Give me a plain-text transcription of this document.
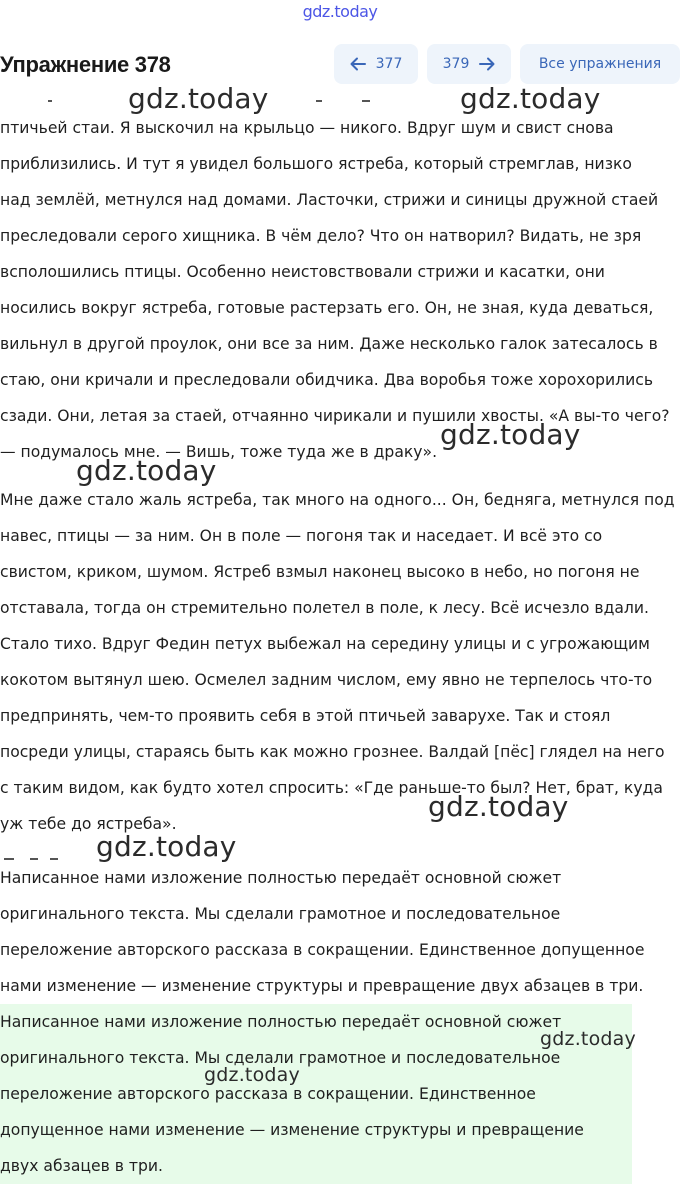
gdz.today
Упражнение 378	377	379	Все упражнения
птичьей стаи. Я выскочил на крыльцо — никого. Вдруг шум и свист снова
приблизились. И тут я увидел большого ястреба, который стремглав, низко
над землёй, метнулся над домами. Ласточки, стрижи и синицы дружной стаей
преследовали серого хищника. В чём дело? Что он натворил? Видать, не зря
всполошились птицы. Особенно неистовствовали стрижи и касатки, они
носились вокруг ястреба, готовые растерзать его. Он, не зная, куда деваться,
вильнул в другой проулок, они все за ним. Даже несколько галок затесалось в
стаю, они кричали и преследовали обидчика. Два воробья тоже хорохорились
сзади. Они, летая за стаей, отчаянно чирикали и пушили хвосты. «А вы-то чего?
— подумалось мне. — Вишь, тоже туда же в драку».
Мне даже стало жаль ястреба, так много на одного... Он, бедняга, метнулся под
навес, птицы — за ним. Он в поле — погоня так и наседает. И всё это со
свистом, криком, шумом. Ястреб взмыл наконец высоко в небо, но погоня не
отставала, тогда он стремительно полетел в поле, к лесу. Всё исчезло вдали.
Стало тихо. Вдруг Федин петух выбежал на середину улицы и с угрожающим
кокотом вытянул шею. Осмелел задним числом, ему явно не терпелось что-то
предпринять, чем-то проявить себя в этой птичьей заварухе. Так и стоял
посреди улицы, стараясь быть как можно грознее. Валдай [пёс] глядел на него
с таким видом, как будто хотел спросить: «Где раньше-то был? Нет, брат, куда
уж тебе до ястреба».
Написанное нами изложение полностью передаёт основной сюжет
оригинального текста. Мы сделали грамотное и последовательное
переложение авторского рассказа в сокращении. Единственное допущенное
нами изменение — изменение структуры и превращение двух абзацев в три.
Написанное нами изложение полностью передаёт основной сюжет
оригинального текста. Мы сделали грамотное и последовательное
переложение авторского рассказа в сокращении. Единственное
допущенное нами изменение — изменение структуры и превращение
двух абзацев в три.
gdz.today	gdz.today
gdz.today
gdz.today
gdz.today
gdz.today
gdz.today
gdz.today
